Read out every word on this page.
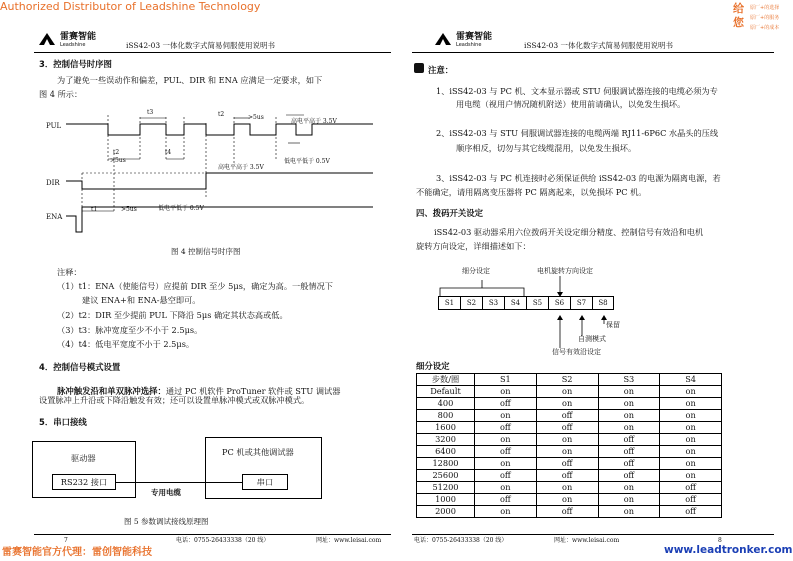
Authorized Distributor of Leadshine Technology
雷赛智能官方代理：雷创智能科技	www.leadtronker.com
给您
原厂+的选择
原厂+的服务
原厂+的成本
雷赛智能
Leadshine	iSS42-03 一体化数字式简易伺服使用说明书
3．控制信号时序图
为了避免一些误动作和偏差，PUL、DIR 和 ENA 应满足一定要求，如下
图 4 所示：
PUL
DIR
ENA
t3	t2	>5us
高电平高于 3.5V
t2	t4
>5us	低电平低于 0.5V
高电平高于 3.5V
t1	>5us	低电平低于 0.5V
图 4 控制信号时序图
注释：
（1）t1：ENA（使能信号）应提前 DIR 至少 5μs，确定为高。一般情况下
建议 ENA+和 ENA-悬空即可。
（2）t2：DIR 至少提前 PUL 下降沿 5μs 确定其状态高或低。
（3）t3：脉冲宽度至少不小于 2.5μs。
（4）t4：低电平宽度不小于 2.5μs。
4．控制信号模式设置
脉冲触发沿和单双脉冲选择：通过 PC 机软件 ProTuner 软件或 STU 调试器
设置脉冲上升沿或下降沿触发有效；还可以设置单脉冲模式或双脉冲模式。
5．串口接线
驱动器
RS232 接口
PC 机或其他调试器
串口
专用电缆
图 5 参数调试接线原理图
7	电话：0755-26433338（20 线）	网址：www.leisai.com
雷赛智能
Leadshine	iSS42-03 一体化数字式简易伺服使用说明书
注意：
1、iSS42-03 与 PC 机、文本显示器或 STU 伺服调试器连接的电缆必须为专
用电缆（视用户情况随机附送）使用前请确认，以免发生损坏。
2、iSS42-03 与 STU 伺服调试器连接的电缆两端 RJ11-6P6C 水晶头的压线
顺序相反，切勿与其它线缆混用，以免发生损坏。
3、iSS42-03 与 PC 机连接时必须保证供给 iSS42-03 的电源为隔离电源，若
不能确定，请用隔离变压器将 PC 隔离起来，以免损坏 PC 机。
四、拨码开关设定
iSS42-03 驱动器采用六位拨码开关设定细分精度、控制信号有效沿和电机
旋转方向设定，详细描述如下：
细分设定	电机旋转方向设定
S1	S2	S3	S4	S5	S6	S7	S8
保留
自测模式
信号有效沿设定
细分设定
步数/圈	S1	S2	S3	S4
Default	on	on	on	on
400	off	on	on	on
800	on	off	on	on
1600	off	off	on	on
3200	on	on	off	on
6400	off	on	off	on
12800	on	off	off	on
25600	off	off	off	on
51200	on	on	on	off
1000	off	on	on	off
2000	on	off	on	off
电话：0755-26433338（20 线）	网址：www.leisai.com	8
